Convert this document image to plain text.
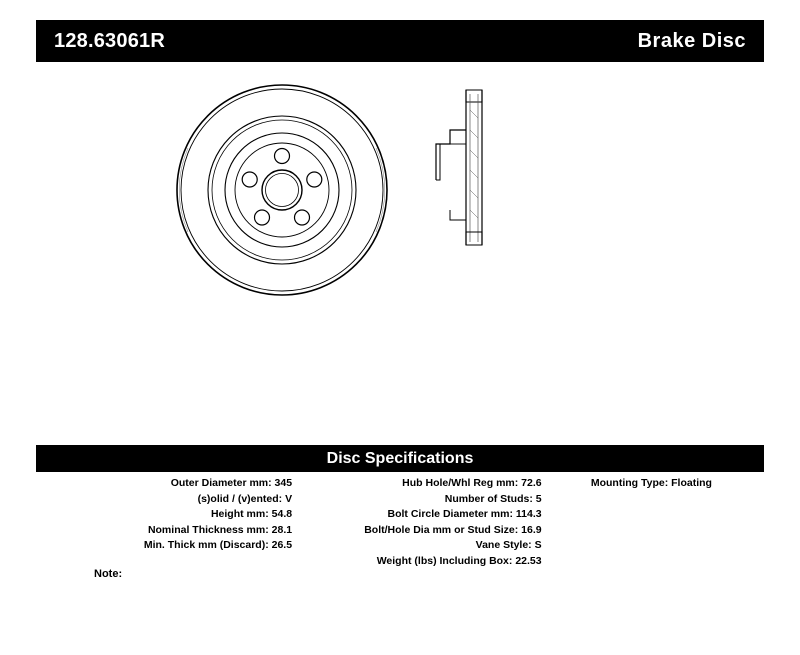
128.63061R	Brake Disc
Disc Specifications
Outer Diameter mm: 345
(s)olid / (v)ented: V
Height mm: 54.8
Nominal Thickness mm: 28.1
Min. Thick mm (Discard): 26.5
Hub Hole/Whl Reg mm: 72.6
Number of Studs: 5
Bolt Circle Diameter mm: 114.3
Bolt/Hole Dia mm or Stud Size: 16.9
Vane Style: S
Weight (lbs) Including Box: 22.53
Mounting Type: Floating
Note:
